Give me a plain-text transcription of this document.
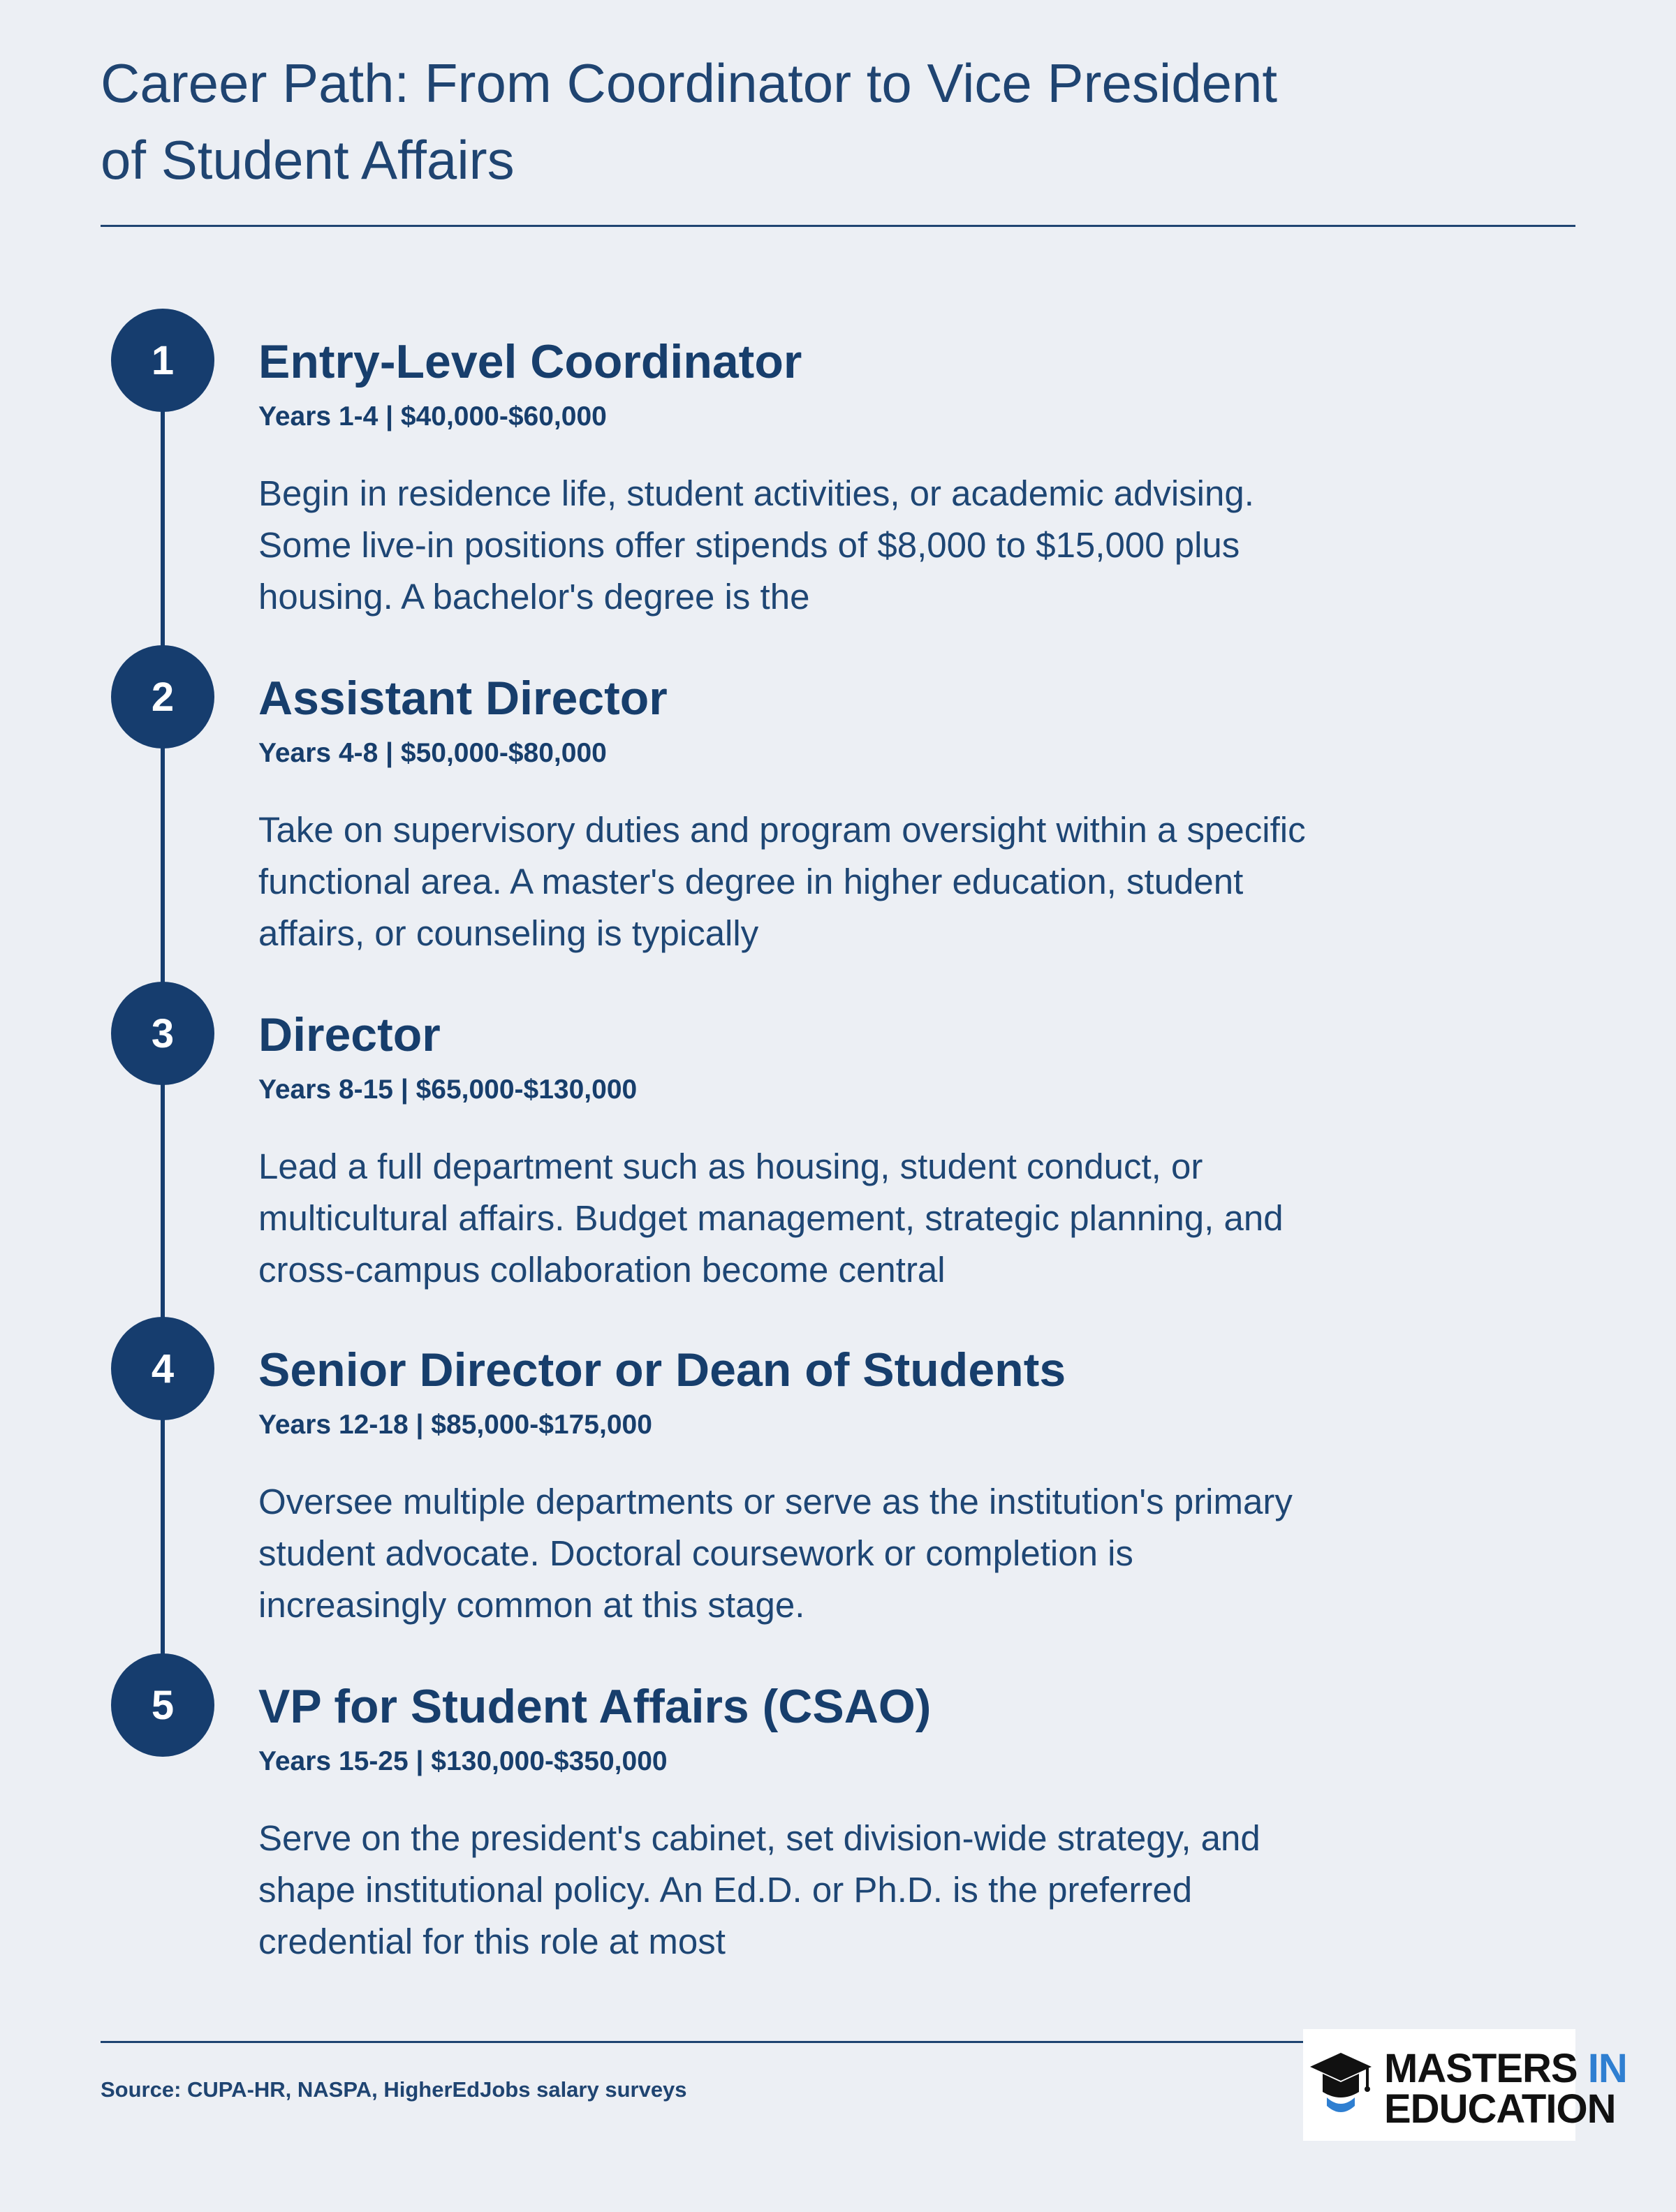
Career Path: From Coordinator to Vice President of Student Affairs
1	Entry-Level Coordinator
Years 1-4 | $40,000-$60,000
Begin in residence life, student activities, or academic advising. Some live-in positions offer stipends of $8,000 to $15,000 plus housing. A bachelor's degree is the
2	Assistant Director
Years 4-8 | $50,000-$80,000
Take on supervisory duties and program oversight within a specific functional area. A master's degree in higher education, student affairs, or counseling is typically
3	Director
Years 8-15 | $65,000-$130,000
Lead a full department such as housing, student conduct, or multicultural affairs. Budget management, strategic planning, and cross-campus collaboration become central
4	Senior Director or Dean of Students
Years 12-18 | $85,000-$175,000
Oversee multiple departments or serve as the institution's primary student advocate. Doctoral coursework or completion is increasingly common at this stage.
5	VP for Student Affairs (CSAO)
Years 15-25 | $130,000-$350,000
Serve on the president's cabinet, set division-wide strategy, and shape institutional policy. An Ed.D. or Ph.D. is the preferred credential for this role at most
Source: CUPA-HR, NASPA, HigherEdJobs salary surveys	MASTERS IN
EDUCATION
